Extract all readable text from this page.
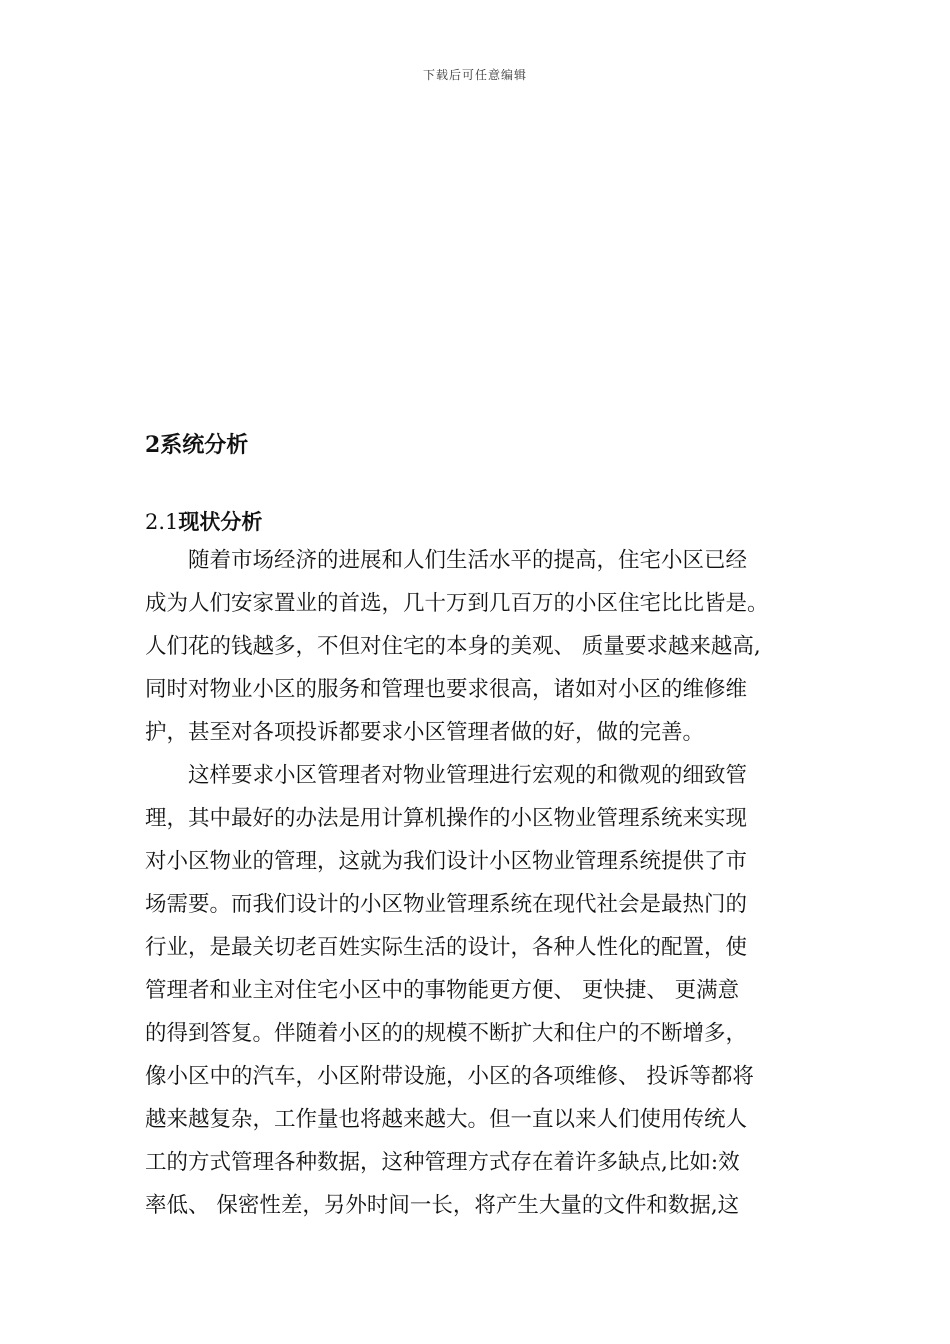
下载后可任意编辑
2系统分析
2.1现状分析
　　随着市场经济的进展和人们生活水平的提高，住宅小区已经
成为人们安家置业的首选，几十万到几百万的小区住宅比比皆是。
人们花的钱越多，不但对住宅的本身的美观、 质量要求越来越高,
同时对物业小区的服务和管理也要求很高，诸如对小区的维修维
护，甚至对各项投诉都要求小区管理者做的好，做的完善。
　　这样要求小区管理者对物业管理进行宏观的和微观的细致管
理，其中最好的办法是用计算机操作的小区物业管理系统来实现
对小区物业的管理，这就为我们设计小区物业管理系统提供了市
场需要。而我们设计的小区物业管理系统在现代社会是最热门的
行业，是最关切老百姓实际生活的设计，各种人性化的配置，使
管理者和业主对住宅小区中的事物能更方便、 更快捷、 更满意
的得到答复。伴随着小区的的规模不断扩大和住户的不断增多，
像小区中的汽车，小区附带设施，小区的各项维修、 投诉等都将
越来越复杂，工作量也将越来越大。但一直以来人们使用传统人
工的方式管理各种数据，这种管理方式存在着许多缺点,比如:效
率低、 保密性差，另外时间一长，将产生大量的文件和数据,这
